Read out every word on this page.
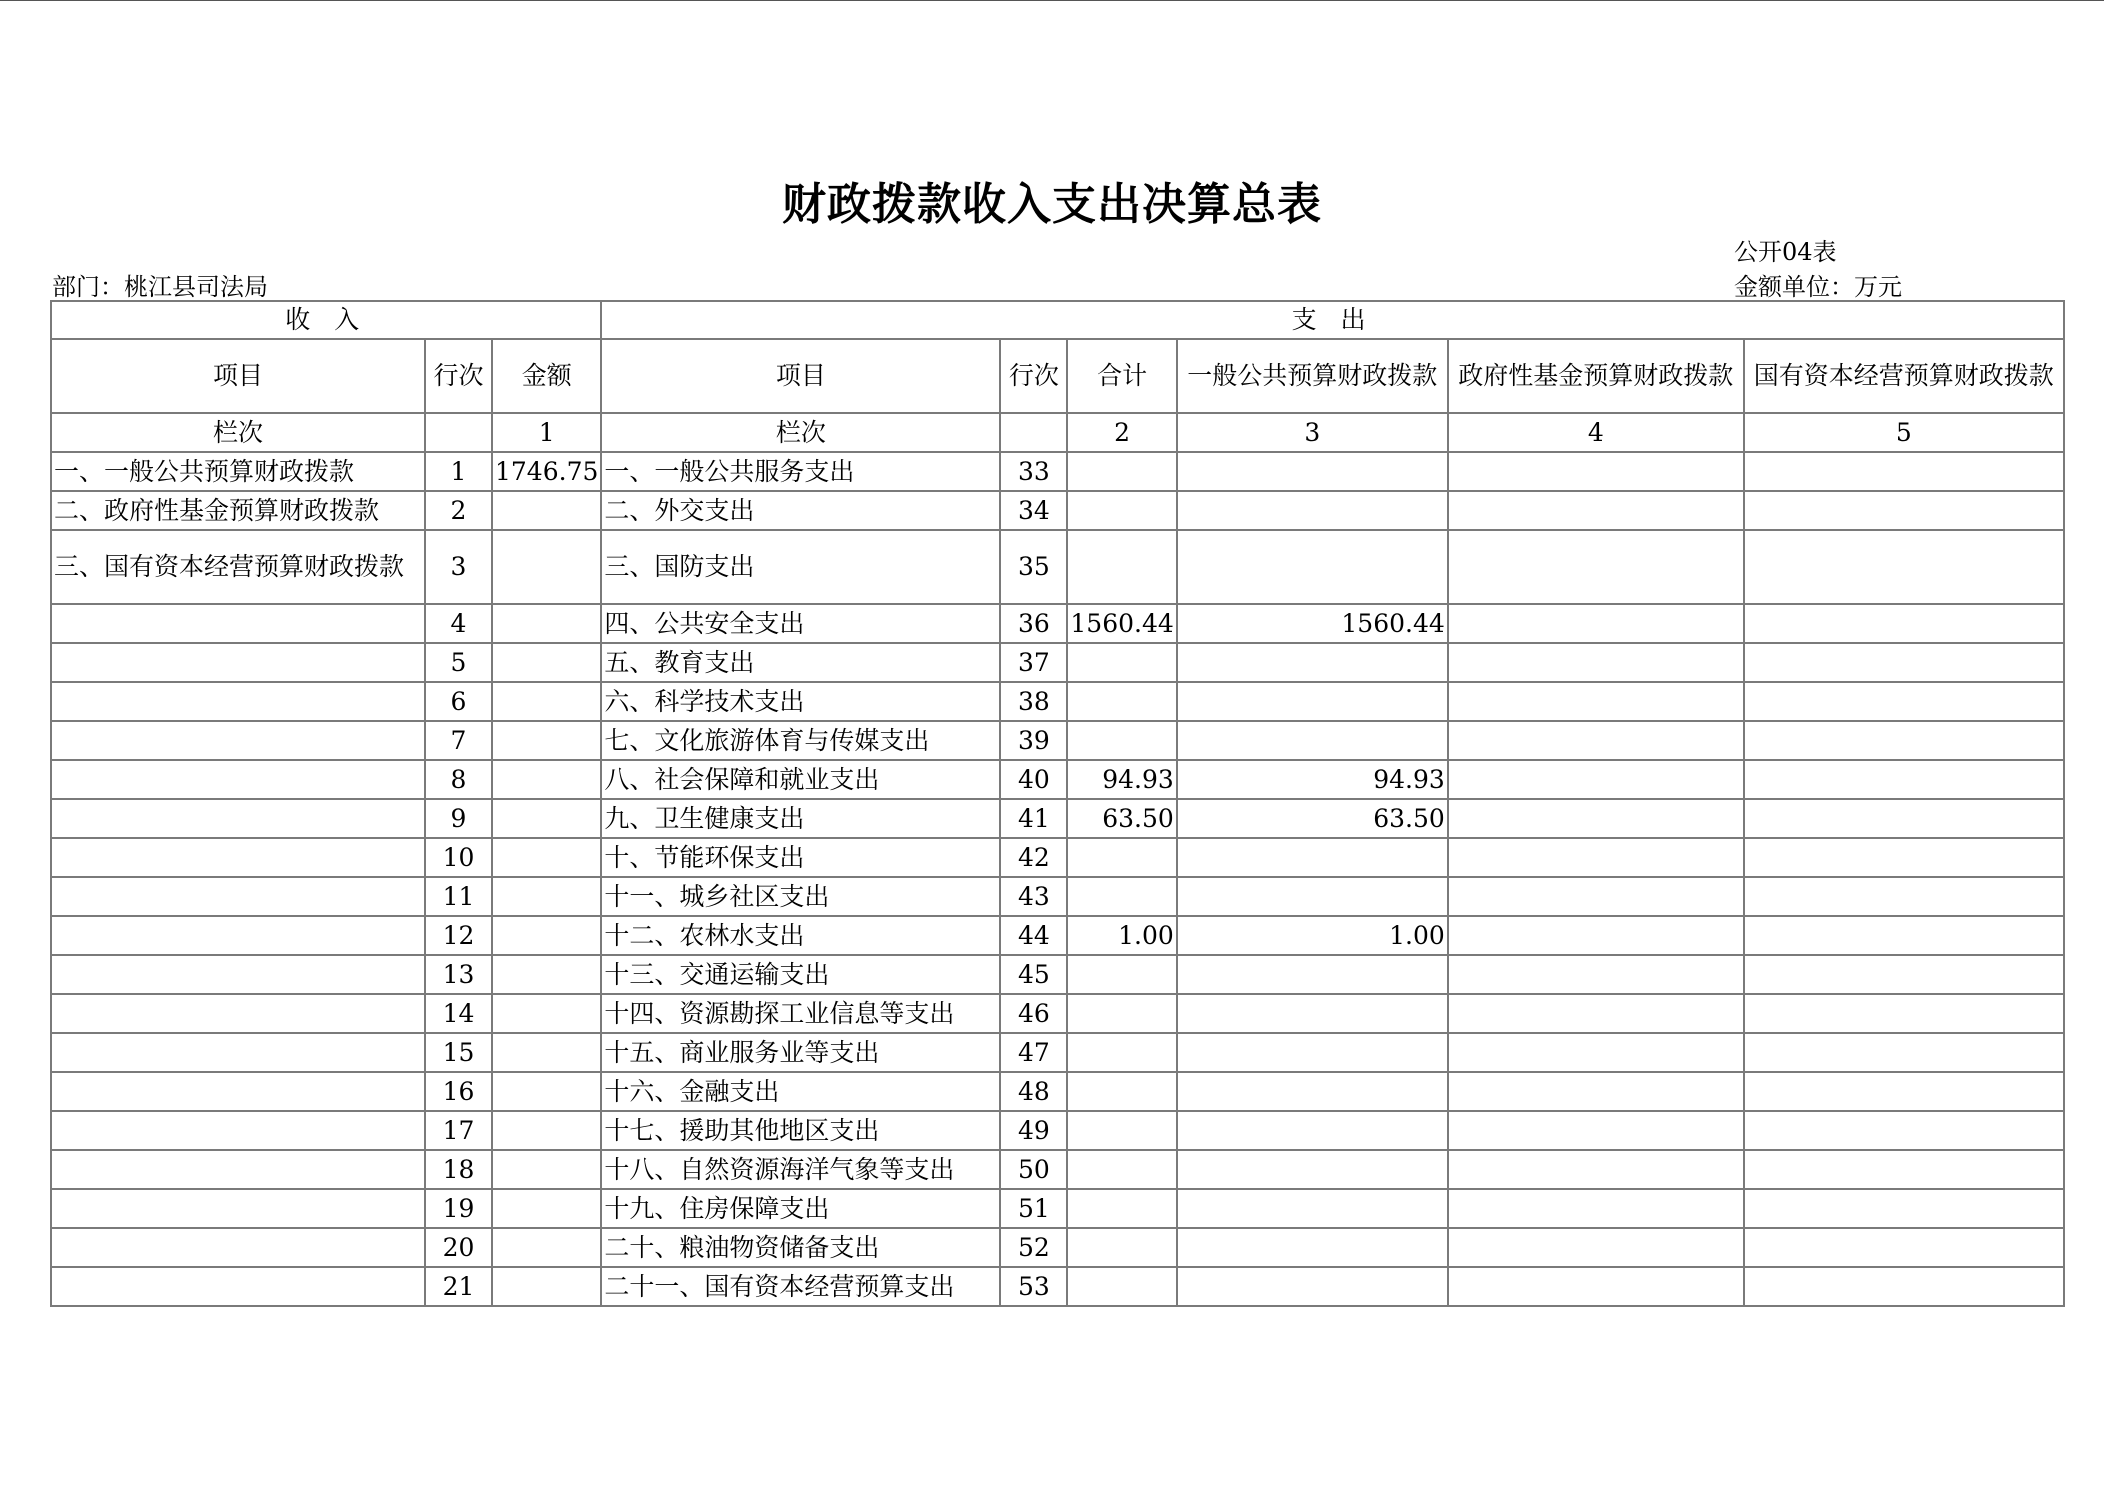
财政拨款收入支出决算总表
公开04表
部门：桃江县司法局	金额单位：万元
收 入			支 出					
项目	行次	金额	项目	行次	合计	一般公共预算财政拨款	政府性基金预算财政拨款	国有资本经营预算财政拨款
栏次		1	栏次		2	3	4	5
一、一般公共预算财政拨款	1	1746.75	一、一般公共服务支出	33				
二、政府性基金预算财政拨款	2		二、外交支出	34				
三、国有资本经营预算财政拨款	3		三、国防支出	35				
	4		四、公共安全支出	36	1560.44	1560.44		
	5		五、教育支出	37				
	6		六、科学技术支出	38				
	7		七、文化旅游体育与传媒支出	39				
	8		八、社会保障和就业支出	40	94.93	94.93		
	9		九、卫生健康支出	41	63.50	63.50		
	10		十、节能环保支出	42				
	11		十一、城乡社区支出	43				
	12		十二、农林水支出	44	1.00	1.00		
	13		十三、交通运输支出	45				
	14		十四、资源勘探工业信息等支出	46				
	15		十五、商业服务业等支出	47				
	16		十六、金融支出	48				
	17		十七、援助其他地区支出	49				
	18		十八、自然资源海洋气象等支出	50				
	19		十九、住房保障支出	51				
	20		二十、粮油物资储备支出	52				
	21		二十一、国有资本经营预算支出	53				
